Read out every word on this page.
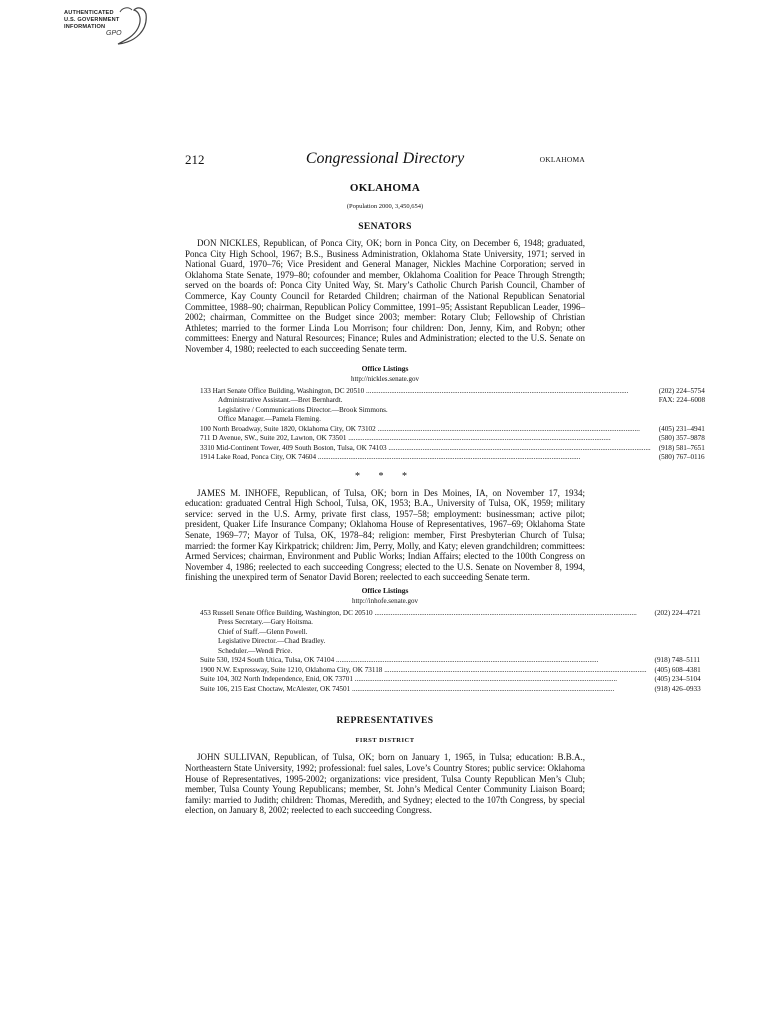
AUTHENTICATED
U.S. GOVERNMENT
INFORMATION
GPO
212	Congressional Directory	OKLAHOMA
OKLAHOMA
(Population 2000, 3,450,654)
SENATORS

DON NICKLES, Republican, of Ponca City, OK; born in Ponca City, on December 6, 1948; graduated, Ponca City High School, 1967; B.S., Business Administration, Oklahoma State University, 1971; served in National Guard, 1970–76; Vice President and General Manager, Nickles Machine Corporation; served in Oklahoma State Senate, 1979–80; cofounder and member, Oklahoma Coalition for Peace Through Strength; served on the boards of: Ponca City United Way, St. Mary’s Catholic Church Parish Council, Chamber of Commerce, Kay County Council for Retarded Children; chairman of the National Republican Senatorial Committee, 1988–90; chairman, Republican Policy Committee, 1991–95; Assistant Republican Leader, 1996–2002; chairman, Committee on the Budget since 2003; member: Rotary Club; Fellowship of Christian Athletes; married to the former Linda Lou Morrison; four children: Don, Jenny, Kim, and Robyn; other committees: Energy and Natural Resources; Finance; Rules and Administration; elected to the U.S. Senate on November 4, 1980; reelected to each succeeding Senate term.

Office Listings
http://nickles.senate.gov
133 Hart Senate Office Building, Washington, DC 20510 .....	(202) 224–5754
Administrative Assistant.—Bret Bernhardt.	FAX: 224–6008
Legislative / Communications Director.—Brook Simmons.	
Office Manager.—Pamela Fleming.	
100 North Broadway, Suite 1820, Oklahoma City, OK 73102 .....	(405) 231–4941
711 D Avenue, SW., Suite 202, Lawton, OK 73501 .....	(580) 357–9878
3310 Mid-Continent Tower, 409 South Boston, Tulsa, OK 74103 .....	(918) 581–7651
1914 Lake Road, Ponca City, OK 74604 .....	(580) 767–0116
* * *

JAMES M. INHOFE, Republican, of Tulsa, OK; born in Des Moines, IA, on November 17, 1934; education: graduated Central High School, Tulsa, OK, 1953; B.A., University of Tulsa, OK, 1959; military service: served in the U.S. Army, private first class, 1957–58; employment: businessman; active pilot; president, Quaker Life Insurance Company; Oklahoma House of Representatives, 1967–69; Oklahoma State Senate, 1969–77; Mayor of Tulsa, OK, 1978–84; religion: member, First Presbyterian Church of Tulsa; married: the former Kay Kirkpatrick; children: Jim, Perry, Molly, and Katy; eleven grandchildren; committees: Armed Services; chairman, Environment and Public Works; Indian Affairs; elected to the 100th Congress on November 4, 1986; reelected to each succeeding Congress; elected to the U.S. Senate on November 8, 1994, finishing the unexpired term of Senator David Boren; reelected to each succeeding Senate term.

Office Listings
http://inhofe.senate.gov
453 Russell Senate Office Building, Washington, DC 20510 .....	(202) 224–4721
Press Secretary.—Gary Hoitsma.	
Chief of Staff.—Glenn Powell.	
Legislative Director.—Chad Bradley.	
Scheduler.—Wendi Price.	
Suite 530, 1924 South Utica, Tulsa, OK 74104 .....	(918) 748–5111
1900 N.W. Expressway, Suite 1210, Oklahoma City, OK 73118 .....	(405) 608–4381
Suite 104, 302 North Independence, Enid, OK 73701 .....	(405) 234–5104
Suite 106, 215 East Choctaw, McAlester, OK 74501 .....	(918) 426–0933
REPRESENTATIVES
FIRST DISTRICT

JOHN SULLIVAN, Republican, of Tulsa, OK; born on January 1, 1965, in Tulsa; education: B.B.A., Northeastern State University, 1992; professional: fuel sales, Love’s Country Stores; public service: Oklahoma House of Representatives, 1995-2002; organizations: vice president, Tulsa County Republican Men’s Club; member, Tulsa County Young Republicans; member, St. John’s Medical Center Community Liaison Board; family: married to Judith; children: Thomas, Meredith, and Sydney; elected to the 107th Congress, by special election, on January 8, 2002; reelected to each succeeding Congress.
